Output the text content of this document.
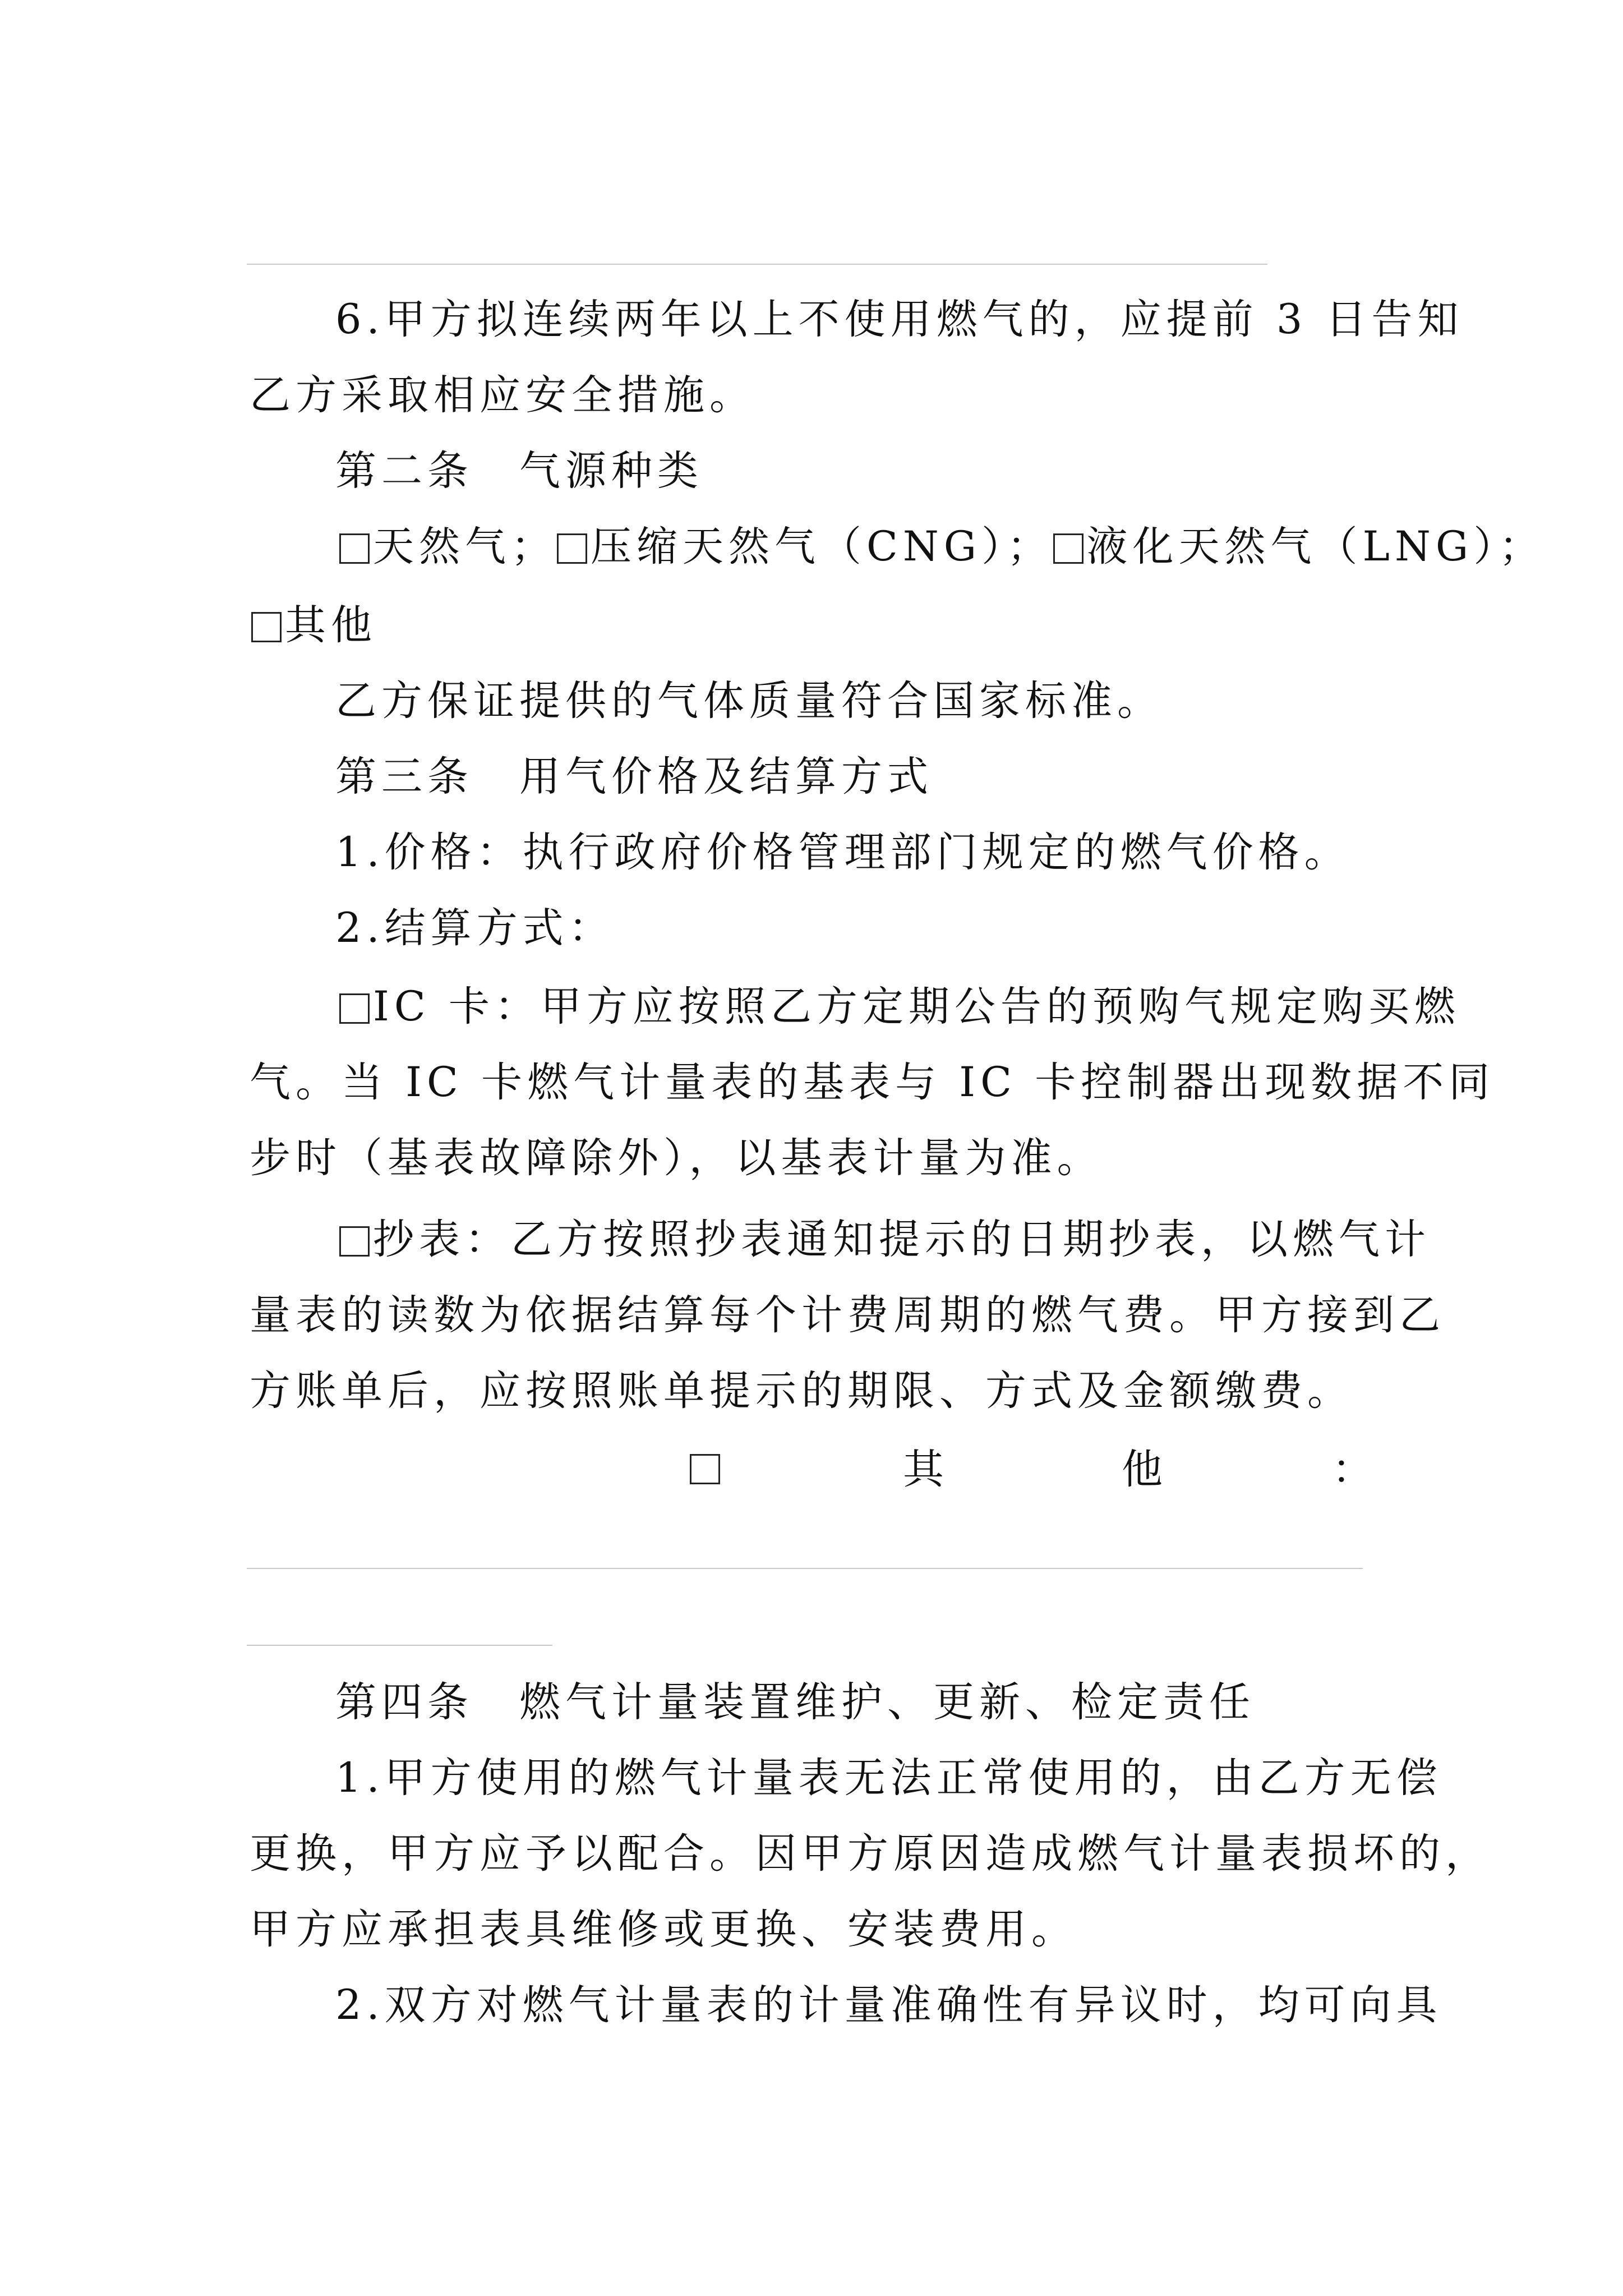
6.甲方拟连续两年以上不使用燃气的，应提前 3 日告知
乙方采取相应安全措施。
第二条　气源种类
天然气； 压缩天然气（CNG）； 液化天然气（LNG）；
其他
乙方保证提供的气体质量符合国家标准。
第三条　用气价格及结算方式
1.价格：执行政府价格管理部门规定的燃气价格。
2.结算方式：
IC 卡：甲方应按照乙方定期公告的预购气规定购买燃
气。当 IC 卡燃气计量表的基表与 IC 卡控制器出现数据不同
步时（基表故障除外），以基表计量为准。
抄表：乙方按照抄表通知提示的日期抄表，以燃气计
量表的读数为依据结算每个计费周期的燃气费。甲方接到乙
方账单后，应按照账单提示的期限、方式及金额缴费。
其	他	：
第四条　燃气计量装置维护、更新、检定责任
1.甲方使用的燃气计量表无法正常使用的，由乙方无偿
更换，甲方应予以配合。因甲方原因造成燃气计量表损坏的，
甲方应承担表具维修或更换、安装费用。
2.双方对燃气计量表的计量准确性有异议时，均可向具
